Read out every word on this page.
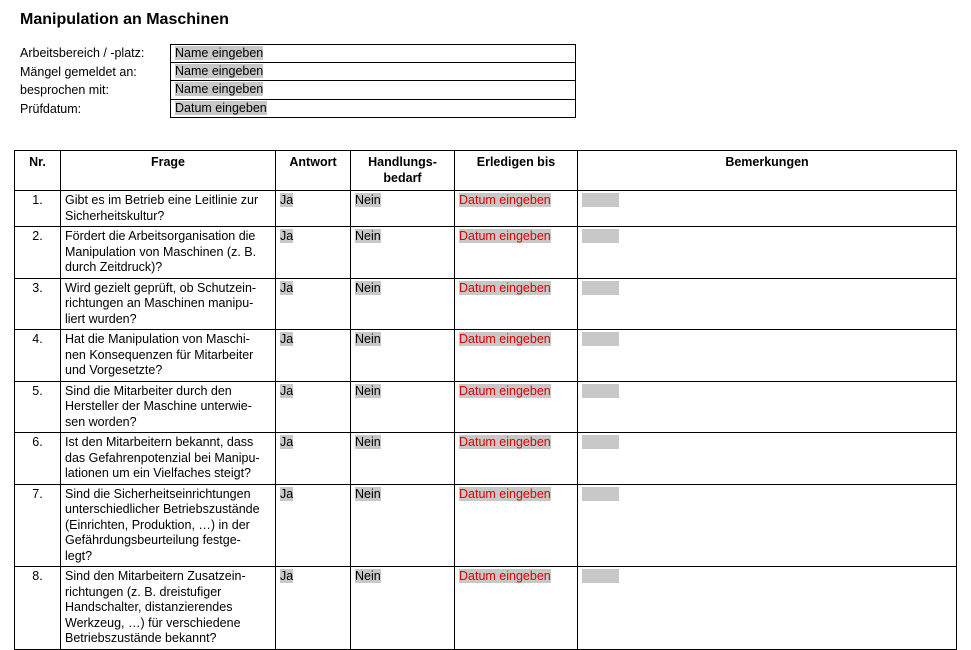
Manipulation an Maschinen
Arbeitsbereich / -platz:	Name eingeben
Mängel gemeldet an:	Name eingeben
besprochen mit:	Name eingeben
Prüfdatum:	Datum eingeben
Nr.	Frage	Antwort	Handlungs-
bedarf	Erledigen bis	Bemerkungen
1.	Gibt es im Betrieb eine Leitlinie zur
Sicherheitskultur?	Ja	Nein	Datum eingeben	
2.	Fördert die Arbeitsorganisation die
Manipulation von Maschinen (z. B.
durch Zeitdruck)?	Ja	Nein	Datum eingeben	
3.	Wird gezielt geprüft, ob Schutzein-
richtungen an Maschinen manipu-
liert wurden?	Ja	Nein	Datum eingeben	
4.	Hat die Manipulation von Maschi-
nen Konsequenzen für Mitarbeiter
und Vorgesetzte?	Ja	Nein	Datum eingeben	
5.	Sind die Mitarbeiter durch den
Hersteller der Maschine unterwie-
sen worden?	Ja	Nein	Datum eingeben	
6.	Ist den Mitarbeitern bekannt, dass
das Gefahrenpotenzial bei Manipu-
lationen um ein Vielfaches steigt?	Ja	Nein	Datum eingeben	
7.	Sind die Sicherheitseinrichtungen
unterschiedlicher Betriebszustände
(Einrichten, Produktion, …) in der
Gefährdungsbeurteilung festge-
legt?	Ja	Nein	Datum eingeben	
8.	Sind den Mitarbeitern Zusatzein-
richtungen (z. B. dreistufiger
Handschalter, distanzierendes
Werkzeug, …) für verschiedene
Betriebszustände bekannt?	Ja	Nein	Datum eingeben	
